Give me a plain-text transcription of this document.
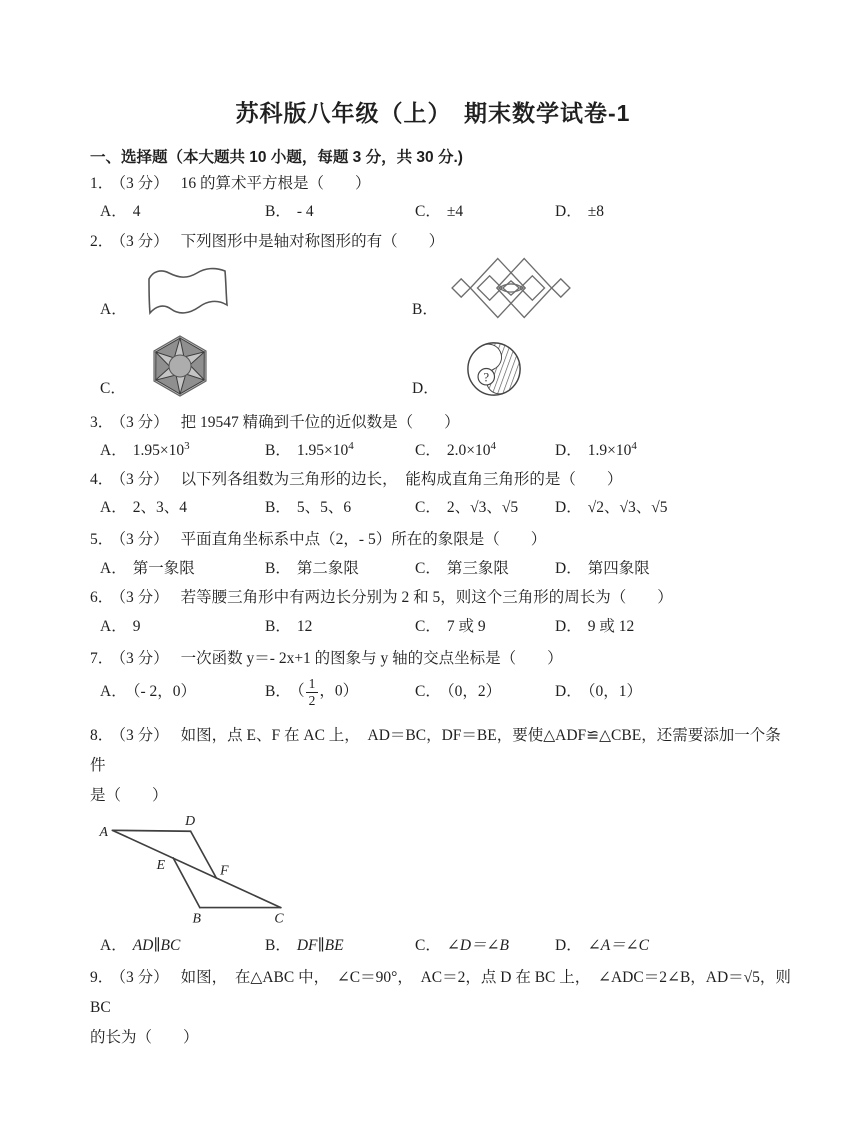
苏科版八年级（上）　期末数学试卷-1
一、选择题（本大题共 10 小题，每题 3 分，共 30 分.)

1． （3 分） 16 的算术平方根是（　　）

A． 4	B． - 4	C． ±4	D． ±8

2． （3 分） 下列图形中是轴对称图形的有（　　）

A．	B．
C．	D．
?

3． （3 分） 把 19547 精确到千位的近似数是（　　）

A． $1.95\times 10^3$	B． $1.95\times 10^4$	C． $2.0\times 10^4$	D． $1.9\times 10^4$

4． （3 分） 以下列各组数为三角形的边长，　能构成直角三角形的是（　　）

A． 2、3、4	B． 5、5、6	C． 2、√3、√5	D． √2、√3、√5

5． （3 分） 平面直角坐标系中点（2，- 5）所在的象限是（　　）

A． 第一象限	B． 第二象限	C． 第三象限	D． 第四象限

6． （3 分） 若等腰三角形中有两边长分别为 2 和 5，则这个三角形的周长为（　　）

A． 9	B． 12	C． 7 或 9	D． 9 或 12

7． （3 分） 一次函数 y＝- 2x+1 的图象与 y 轴的交点坐标是（　　）

A． （- 2，0）	B． （ $\frac{1}{2}$ ，0）	C． （0，2）	D． （0，1）

8． （3 分） 如图，点 E、F 在 AC 上，　AD＝BC，DF＝BE，要使△ADF≌△CBE，还需要添加一个条件

是（　　）

A
D
E	F
B	C
A． AD∥BC	B． DF∥BE	C． ∠D＝∠B	D． ∠A＝∠C

9． （3 分） 如图，　在△ABC 中，　∠C＝90°，　AC＝2，点 D 在 BC 上，　∠ADC＝2∠B，AD＝√5，则 BC

的长为（　　）
